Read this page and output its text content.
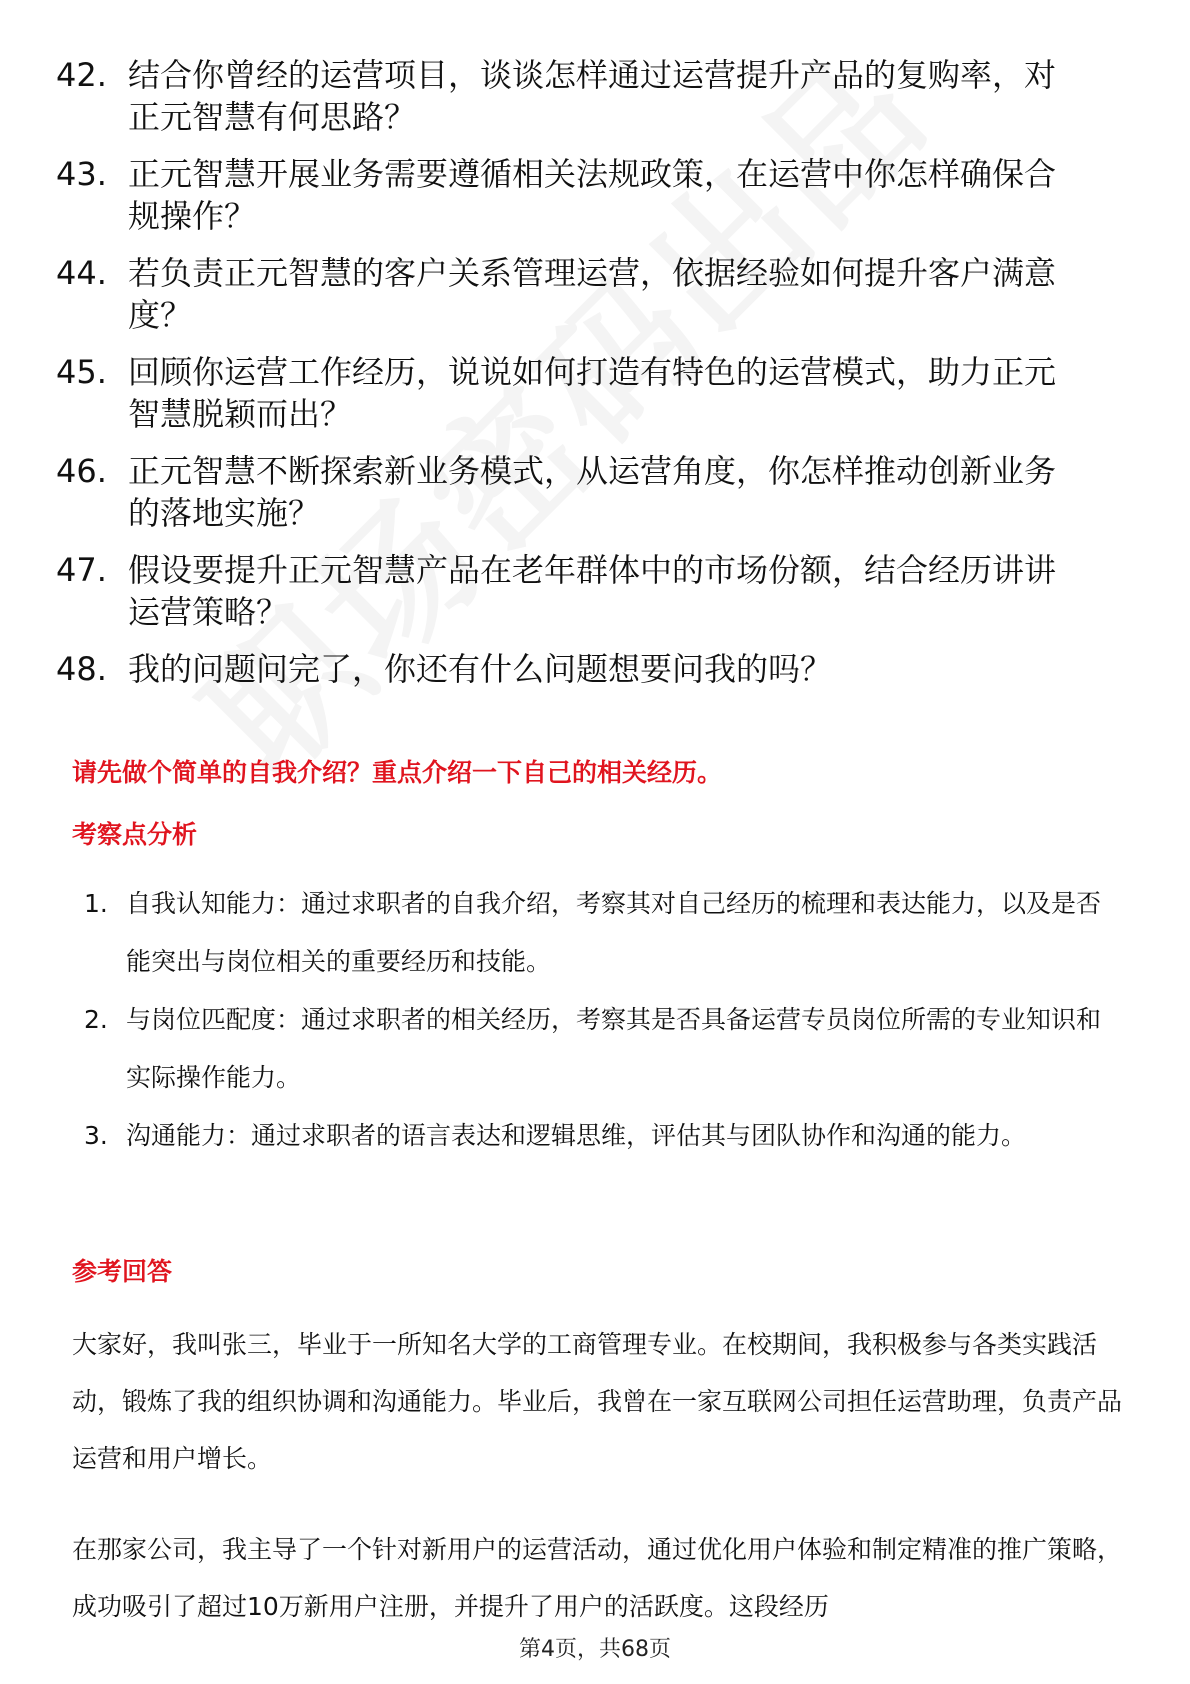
42. 结合你曾经的运营项目，谈谈怎样通过运营提升产品的复购率，对正元智慧有何思路？
43. 正元智慧开展业务需要遵循相关法规政策，在运营中你怎样确保合规操作？
44. 若负责正元智慧的客户关系管理运营，依据经验如何提升客户满意度？
45. 回顾你运营工作经历，说说如何打造有特色的运营模式，助力正元智慧脱颖而出？
46. 正元智慧不断探索新业务模式，从运营角度，你怎样推动创新业务的落地实施？
47. 假设要提升正元智慧产品在老年群体中的市场份额，结合经历讲讲运营策略？
48. 我的问题问完了，你还有什么问题想要问我的吗？

请先做个简单的自我介绍？重点介绍一下自己的相关经历。

考察点分析

1. 自我认知能力：通过求职者的自我介绍，考察其对自己经历的梳理和表达能力，以及是否能突出与岗位相关的重要经历和技能。
2. 与岗位匹配度：通过求职者的相关经历，考察其是否具备运营专员岗位所需的专业知识和实际操作能力。
3. 沟通能力：通过求职者的语言表达和逻辑思维，评估其与团队协作和沟通的能力。

参考回答

大家好，我叫张三，毕业于一所知名大学的工商管理专业。在校期间，我积极参与各类实践活动，锻炼了我的组织协调和沟通能力。毕业后，我曾在一家互联网公司担任运营助理，负责产品运营和用户增长。

在那家公司，我主导了一个针对新用户的运营活动，通过优化用户体验和制定精准的推广策略，成功吸引了超过10万新用户注册，并提升了用户的活跃度。这段经历

第4页，共68页
